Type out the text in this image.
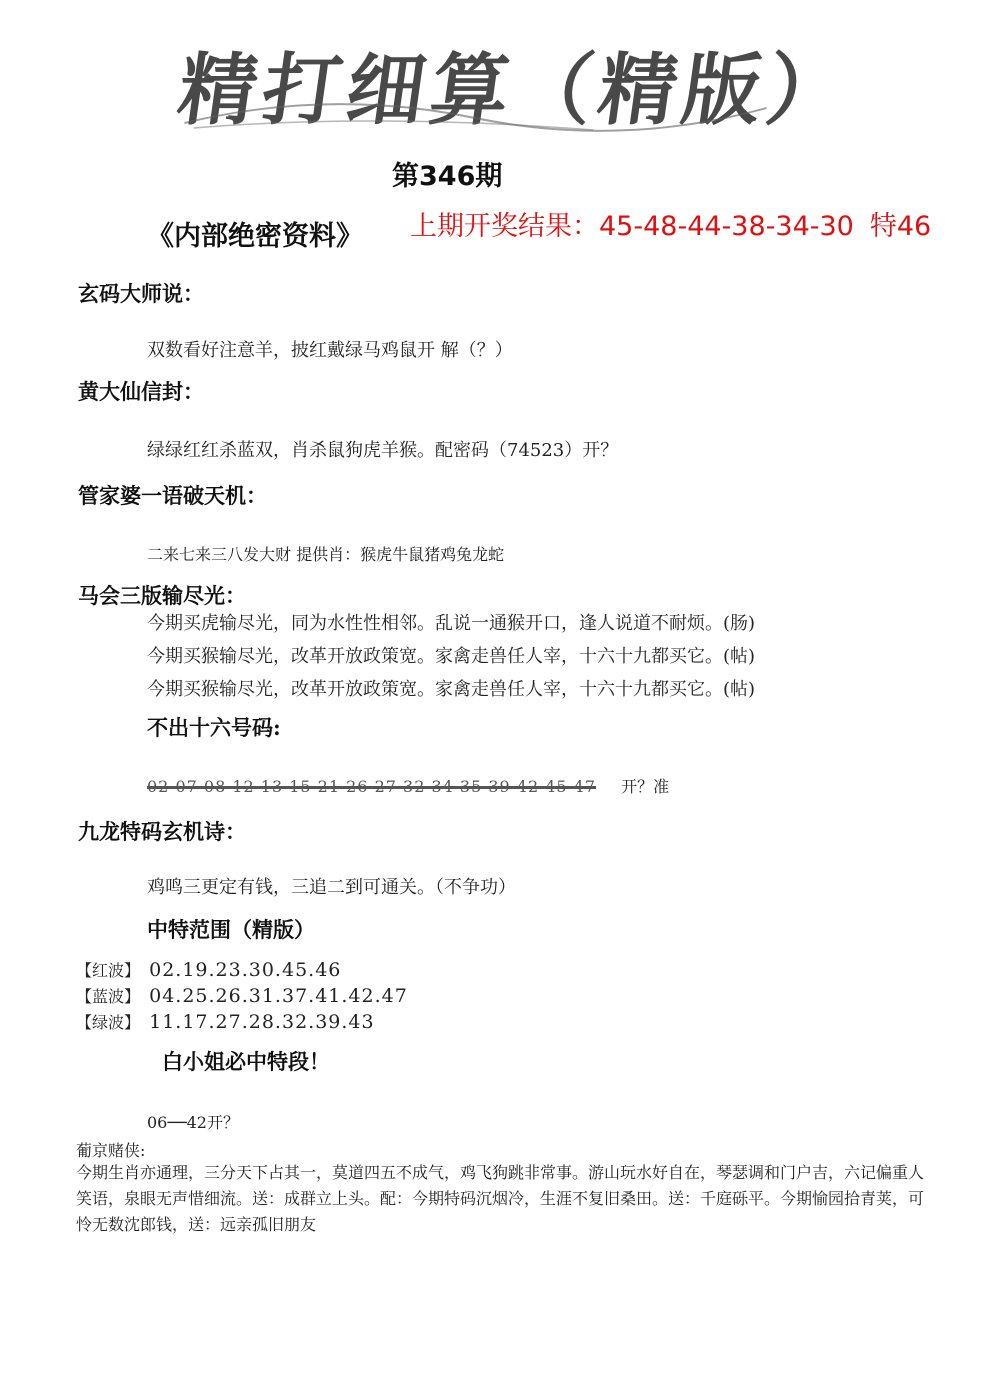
精打细算（精版）
第346期
《内部绝密资料》 上期开奖结果：45-48-44-38-34-30 特46
玄码大师说：
双数看好注意羊，披红戴绿马鸡鼠开 解（？）
黄大仙信封：
绿绿红红杀蓝双，肖杀鼠狗虎羊猴。配密码（74523）开？
管家婆一语破天机：
二来七来三八发大财 提供肖：猴虎牛鼠猪鸡兔龙蛇
马会三版输尽光：
今期买虎输尽光，同为水性性相邻。乱说一通猴开口，逢人说道不耐烦。(肠)
今期买猴输尽光，改革开放政策宽。家禽走兽任人宰，十六十九都买它。(帖)
今期买猴输尽光，改革开放政策宽。家禽走兽任人宰，十六十九都买它。(帖)
不出十六号码:
02 07 08 12 13 15 21 26 27 32 34 35 39 42 45 47 开？准
九龙特码玄机诗：
鸡鸣三更定有钱，三追二到可通关。（不争功）
中特范围（精版）
【红波】 02.19.23.30.45.46
【蓝波】 04.25.26.31.37.41.42.47
【绿波】 11.17.27.28.32.39.43
白小姐必中特段！
06──42开？
葡京赌侠:
今期生肖亦通理，三分天下占其一，莫道四五不成气，鸡飞狗跳非常事。游山玩水好自在，琴瑟调和门户吉，六记偏重人笑语，泉眼无声惜细流。送：成群立上头。配：今期特码沉烟冷，生涯不复旧桑田。送：千庭砾平。今期愉园拾青荚，可怜无数沈郎钱，送：远亲孤旧朋友
